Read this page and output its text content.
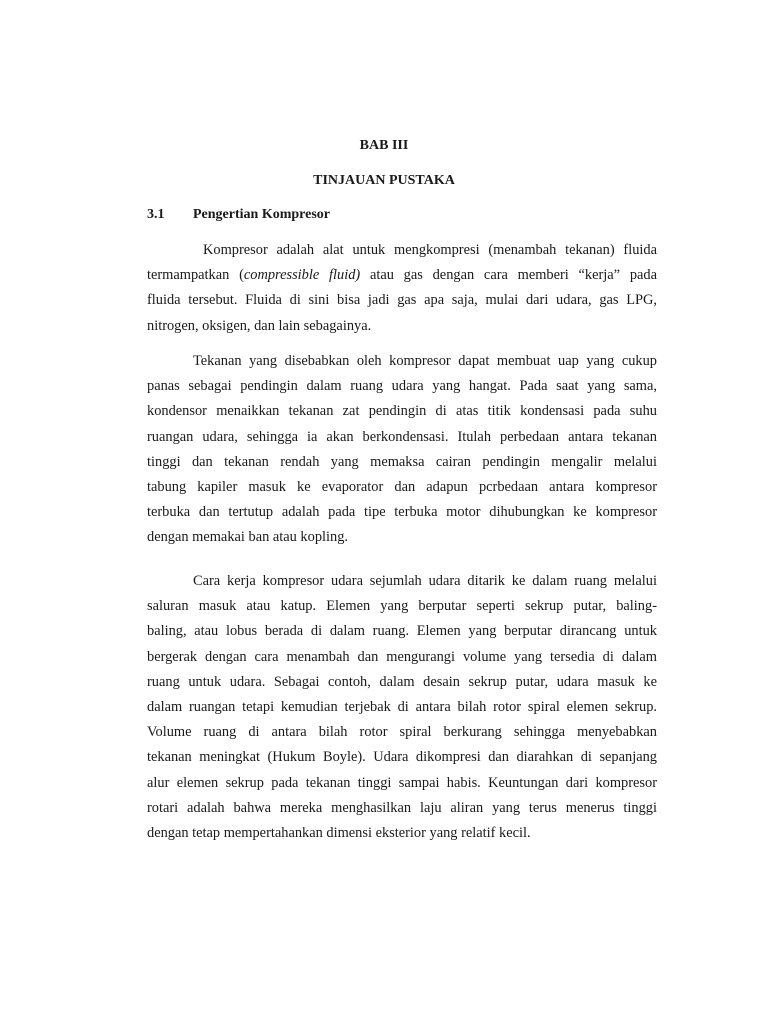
BAB III
TINJAUAN PUSTAKA
3.1 Pengertian Kompresor

Kompresor adalah alat untuk mengkompresi (menambah tekanan) fluida
termampatkan (compressible fluid) atau gas dengan cara memberi “kerja” pada
fluida tersebut. Fluida di sini bisa jadi gas apa saja, mulai dari udara, gas LPG,
nitrogen, oksigen, dan lain sebagainya.

Tekanan yang disebabkan oleh kompresor dapat membuat uap yang cukup
panas sebagai pendingin dalam ruang udara yang hangat. Pada saat yang sama,
kondensor menaikkan tekanan zat pendingin di atas titik kondensasi pada suhu
ruangan udara, sehingga ia akan berkondensasi. Itulah perbedaan antara tekanan
tinggi dan tekanan rendah yang memaksa cairan pendingin mengalir melalui
tabung kapiler masuk ke evaporator dan adapun pcrbedaan antara kompresor
terbuka dan tertutup adalah pada tipe terbuka motor dihubungkan ke kompresor
dengan memakai ban atau kopling.

Cara kerja kompresor udara sejumlah udara ditarik ke dalam ruang melalui
saluran masuk atau katup. Elemen yang berputar seperti sekrup putar, baling-
baling, atau lobus berada di dalam ruang. Elemen yang berputar dirancang untuk
bergerak dengan cara menambah dan mengurangi volume yang tersedia di dalam
ruang untuk udara. Sebagai contoh, dalam desain sekrup putar, udara masuk ke
dalam ruangan tetapi kemudian terjebak di antara bilah rotor spiral elemen sekrup.
Volume ruang di antara bilah rotor spiral berkurang sehingga menyebabkan
tekanan meningkat (Hukum Boyle). Udara dikompresi dan diarahkan di sepanjang
alur elemen sekrup pada tekanan tinggi sampai habis. Keuntungan dari kompresor
rotari adalah bahwa mereka menghasilkan laju aliran yang terus menerus tinggi
dengan tetap mempertahankan dimensi eksterior yang relatif kecil.
